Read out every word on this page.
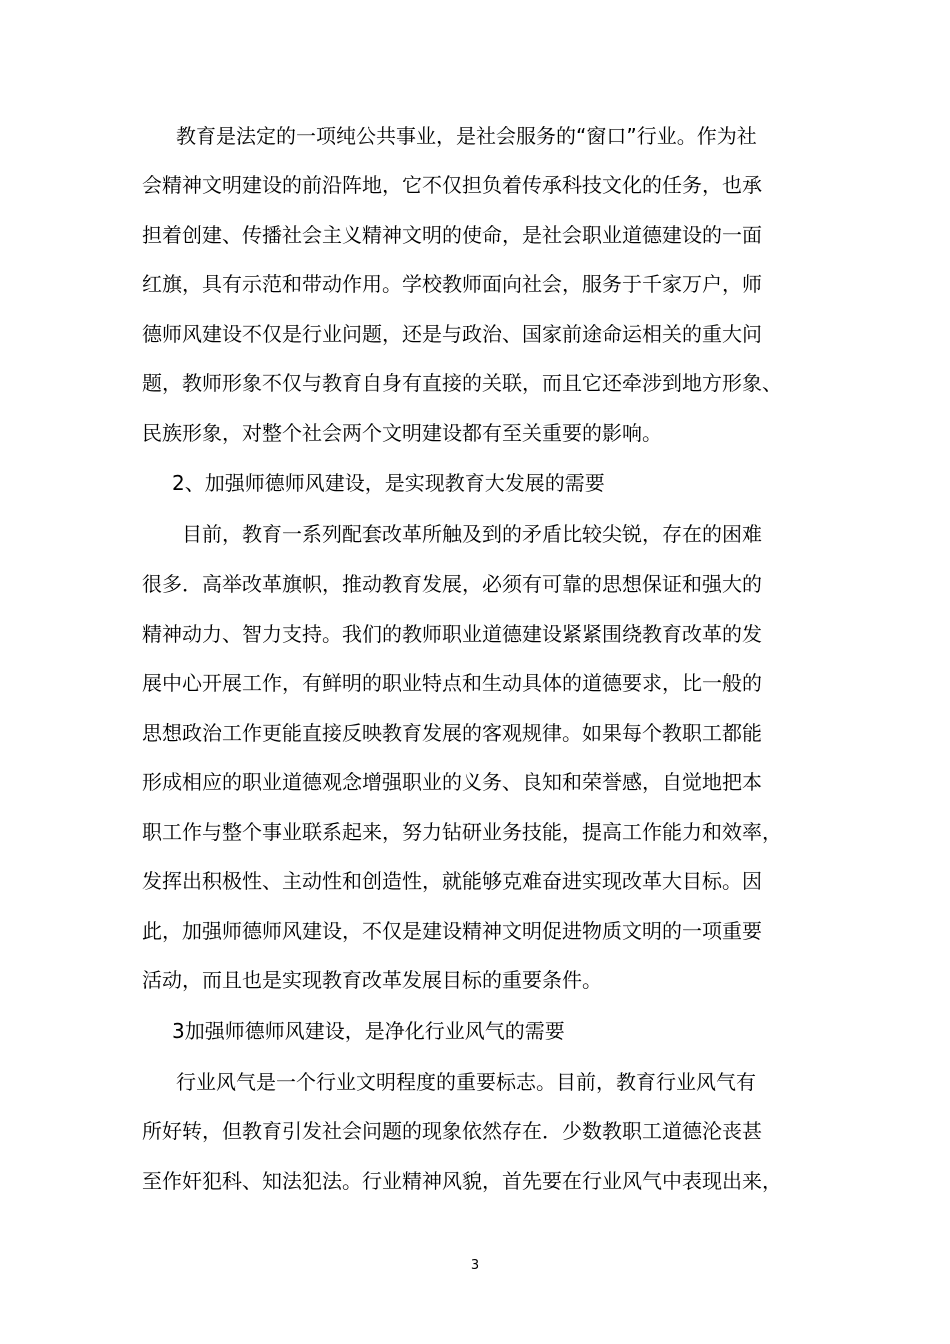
教育是法定的一项纯公共事业，是社会服务的“窗口”行业。作为社
会精神文明建设的前沿阵地，它不仅担负着传承科技文化的任务，也承
担着创建、传播社会主义精神文明的使命，是社会职业道德建设的一面
红旗，具有示范和带动作用。学校教师面向社会，服务于千家万户，师
德师风建设不仅是行业问题，还是与政治、国家前途命运相关的重大问
题，教师形象不仅与教育自身有直接的关联，而且它还牵涉到地方形象、
民族形象，对整个社会两个文明建设都有至关重要的影响。
2、加强师德师风建设，是实现教育大发展的需要
目前，教育一系列配套改革所触及到的矛盾比较尖锐，存在的困难
很多．高举改革旗帜，推动教育发展，必须有可靠的思想保证和强大的
精神动力、智力支持。我们的教师职业道德建设紧紧围绕教育改革的发
展中心开展工作，有鲜明的职业特点和生动具体的道德要求，比一般的
思想政治工作更能直接反映教育发展的客观规律。如果每个教职工都能
形成相应的职业道德观念增强职业的义务、良知和荣誉感，自觉地把本
职工作与整个事业联系起来，努力钻研业务技能，提高工作能力和效率，
发挥出积极性、主动性和创造性，就能够克难奋进实现改革大目标。因
此，加强师德师风建设，不仅是建设精神文明促进物质文明的一项重要
活动，而且也是实现教育改革发展目标的重要条件。
3加强师德师风建设，是净化行业风气的需要
行业风气是一个行业文明程度的重要标志。目前，教育行业风气有
所好转，但教育引发社会问题的现象依然存在．少数教职工道德沦丧甚
至作奸犯科、知法犯法。行业精神风貌，首先要在行业风气中表现出来，
3
